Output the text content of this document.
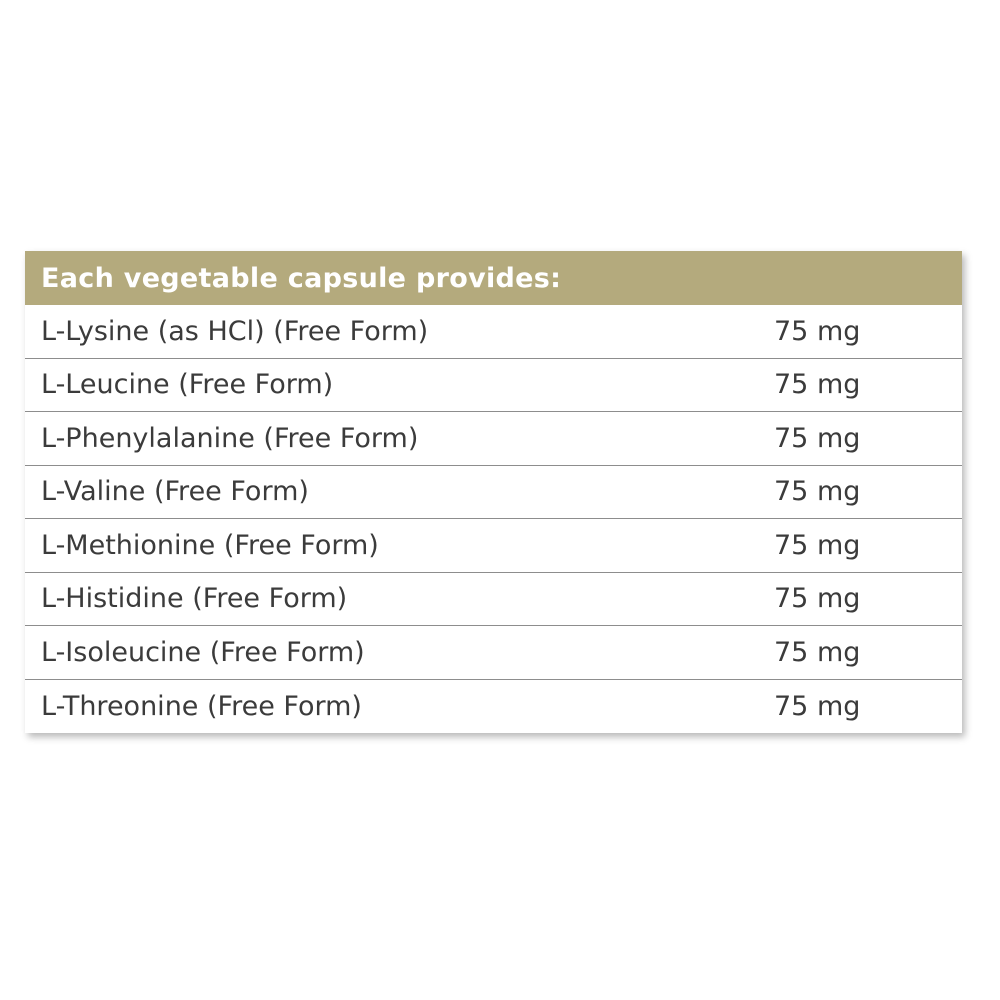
Each vegetable capsule provides:
L-Lysine (as HCl) (Free Form)	75 mg
L-Leucine (Free Form)	75 mg
L-Phenylalanine (Free Form)	75 mg
L-Valine (Free Form)	75 mg
L-Methionine (Free Form)	75 mg
L-Histidine (Free Form)	75 mg
L-Isoleucine (Free Form)	75 mg
L-Threonine (Free Form)	75 mg
